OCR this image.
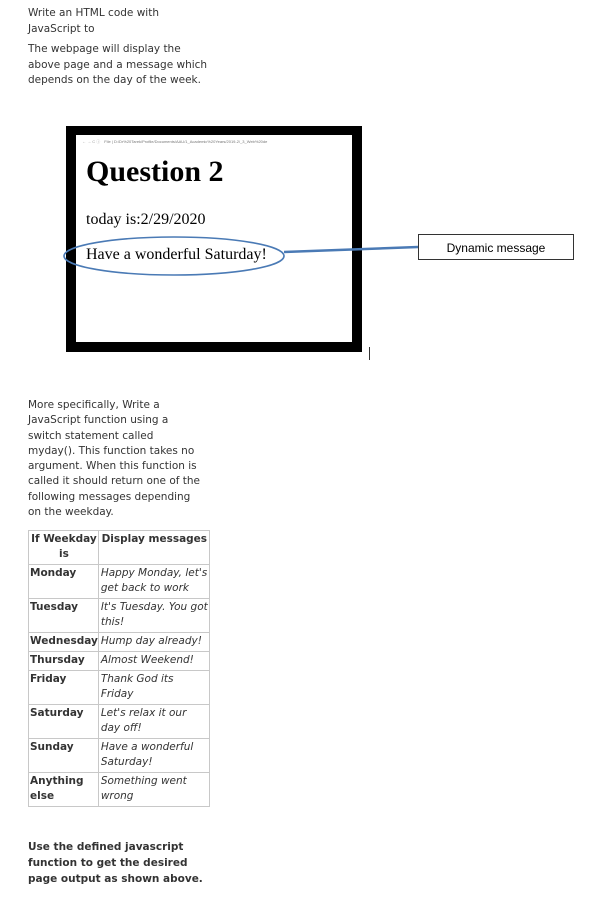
Write an HTML code with JavaScript to

The webpage will display the above page and a message which depends on the day of the week.

← → C ⓘ File | D:/Dr%20Tarek/Profile/Documents/AAU/1_Academic%20Years/2019-2/_3_Web%20de
Question 2
today is:2/29/2020
Have a wonderful Saturday!	Dynamic message
More specifically, Write a JavaScript function using a switch statement called myday(). This function takes no argument. When this function is called it should return one of the following messages depending on the weekday.
If Weekday is	Display messages
Monday	Happy Monday, let's get back to work
Tuesday	It's Tuesday. You got this!
Wednesday	Hump day already!
Thursday	Almost Weekend!
Friday	Thank God its Friday
Saturday	Let's relax it our day off!
Sunday	Have a wonderful Saturday!
Anything else	Something went wrong
Use the defined javascript function to get the desired page output as shown above.
